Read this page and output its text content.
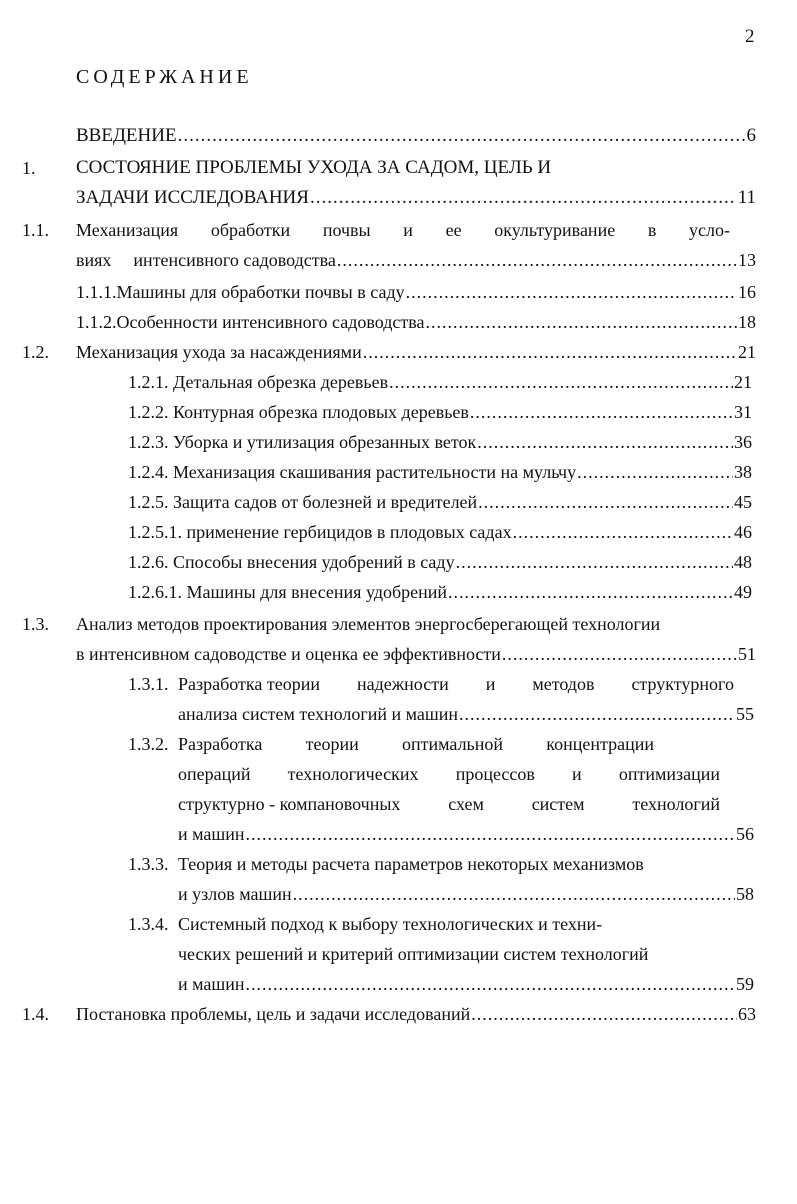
2
СОДЕРЖАНИЕ
ВВЕДЕНИЕ .....	6
1. СОСТОЯНИЕ ПРОБЛЕМЫ УХОДА ЗА САДОМ, ЦЕЛЬ И
ЗАДАЧИ ИССЛЕДОВАНИЯ .....	11
1.1. Механизация обработки почвы и ее окультуривание в усло-
виях интенсивного садоводства .....	13
1.1.1.Машины для обработки почвы в саду .....	16
1.1.2.Особенности интенсивного садоводства .....	18
1.2. Механизация ухода за насаждениями .....	21
1.2.1. Детальная обрезка деревьев .....	21
1.2.2. Контурная обрезка плодовых деревьев .....	31
1.2.3. Уборка и утилизация обрезанных веток .....	36
1.2.4. Механизация скашивания растительности на мульчу .....	38
1.2.5. Защита садов от болезней и вредителей .....	45
1.2.5.1. применение гербицидов в плодовых садах .....	46
1.2.6. Способы внесения удобрений в саду .....	48
1.2.6.1. Машины для внесения удобрений .....	49
1.3. Анализ методов проектирования элементов энергосберегающей технологии
в интенсивном садоводстве и оценка ее эффективности .....	51
1.3.1. Разработка теории надежности и методов структурного
анализа систем технологий и машин .....	55
1.3.2. Разработка теории оптимальной концентрации
операций технологических процессов и оптимизации
структурно - компановочных	схем	систем	технологий
и машин .....	56
1.3.3. Теория и методы расчета параметров некоторых механизмов
и узлов машин .....	58
1.3.4. Системный подход к выбору технологических и техни-
ческих решений и критерий оптимизации систем технологий
и машин .....	59
1.4. Постановка проблемы, цель и задачи исследований .....	63
